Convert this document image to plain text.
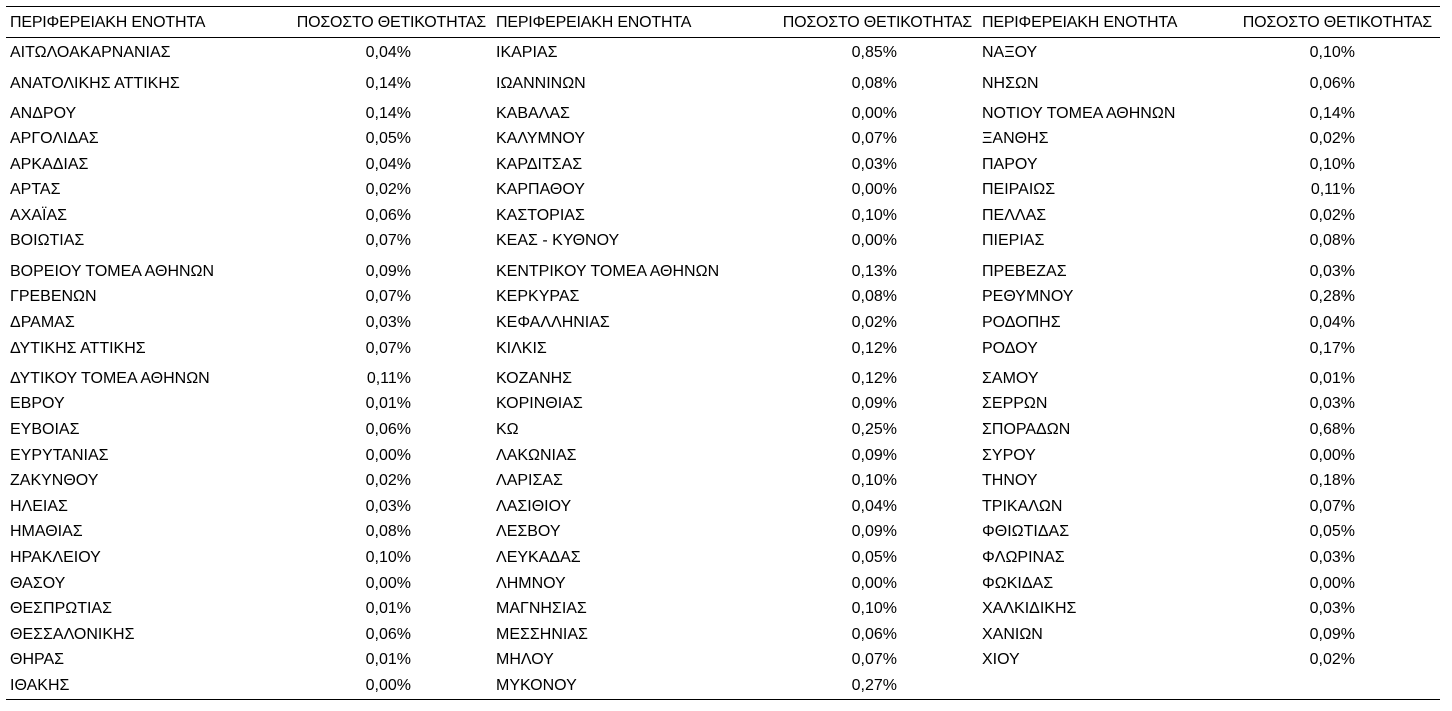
ΠΕΡΙΦΕΡΕΙΑΚΗ ΕΝΟΤΗΤΑ	ΠΟΣΟΣΤΟ ΘΕΤΙΚΟΤΗΤΑΣ
ΑΙΤΩΛΟΑΚΑΡΝΑΝΙΑΣ	0,04%
ΑΝΑΤΟΛΙΚΗΣ ΑΤΤΙΚΗΣ	0,14%
ΑΝΔΡΟΥ	0,14%
ΑΡΓΟΛΙΔΑΣ	0,05%
ΑΡΚΑΔΙΑΣ	0,04%
ΑΡΤΑΣ	0,02%
ΑΧΑΪΑΣ	0,06%
ΒΟΙΩΤΙΑΣ	0,07%
ΒΟΡΕΙΟΥ ΤΟΜΕΑ ΑΘΗΝΩΝ	0,09%
ΓΡΕΒΕΝΩΝ	0,07%
ΔΡΑΜΑΣ	0,03%
ΔΥΤΙΚΗΣ ΑΤΤΙΚΗΣ	0,07%
ΔΥΤΙΚΟΥ ΤΟΜΕΑ ΑΘΗΝΩΝ	0,11%
ΕΒΡΟΥ	0,01%
ΕΥΒΟΙΑΣ	0,06%
ΕΥΡΥΤΑΝΙΑΣ	0,00%
ΖΑΚΥΝΘΟΥ	0,02%
ΗΛΕΙΑΣ	0,03%
ΗΜΑΘΙΑΣ	0,08%
ΗΡΑΚΛΕΙΟΥ	0,10%
ΘΑΣΟΥ	0,00%
ΘΕΣΠΡΩΤΙΑΣ	0,01%
ΘΕΣΣΑΛΟΝΙΚΗΣ	0,06%
ΘΗΡΑΣ	0,01%
ΙΘΑΚΗΣ	0,00%
ΠΕΡΙΦΕΡΕΙΑΚΗ ΕΝΟΤΗΤΑ	ΠΟΣΟΣΤΟ ΘΕΤΙΚΟΤΗΤΑΣ
ΙΚΑΡΙΑΣ	0,85%
ΙΩΑΝΝΙΝΩΝ	0,08%
ΚΑΒΑΛΑΣ	0,00%
ΚΑΛΥΜΝΟΥ	0,07%
ΚΑΡΔΙΤΣΑΣ	0,03%
ΚΑΡΠΑΘΟΥ	0,00%
ΚΑΣΤΟΡΙΑΣ	0,10%
ΚΕΑΣ - ΚΥΘΝΟΥ	0,00%
ΚΕΝΤΡΙΚΟΥ ΤΟΜΕΑ ΑΘΗΝΩΝ	0,13%
ΚΕΡΚΥΡΑΣ	0,08%
ΚΕΦΑΛΛΗΝΙΑΣ	0,02%
ΚΙΛΚΙΣ	0,12%
ΚΟΖΑΝΗΣ	0,12%
ΚΟΡΙΝΘΙΑΣ	0,09%
ΚΩ	0,25%
ΛΑΚΩΝΙΑΣ	0,09%
ΛΑΡΙΣΑΣ	0,10%
ΛΑΣΙΘΙΟΥ	0,04%
ΛΕΣΒΟΥ	0,09%
ΛΕΥΚΑΔΑΣ	0,05%
ΛΗΜΝΟΥ	0,00%
ΜΑΓΝΗΣΙΑΣ	0,10%
ΜΕΣΣΗΝΙΑΣ	0,06%
ΜΗΛΟΥ	0,07%
ΜΥΚΟΝΟΥ	0,27%
ΠΕΡΙΦΕΡΕΙΑΚΗ ΕΝΟΤΗΤΑ	ΠΟΣΟΣΤΟ ΘΕΤΙΚΟΤΗΤΑΣ
ΝΑΞΟΥ	0,10%
ΝΗΣΩΝ	0,06%
ΝΟΤΙΟΥ ΤΟΜΕΑ ΑΘΗΝΩΝ	0,14%
ΞΑΝΘΗΣ	0,02%
ΠΑΡΟΥ	0,10%
ΠΕΙΡΑΙΩΣ	0,11%
ΠΕΛΛΑΣ	0,02%
ΠΙΕΡΙΑΣ	0,08%
ΠΡΕΒΕΖΑΣ	0,03%
ΡΕΘΥΜΝΟΥ	0,28%
ΡΟΔΟΠΗΣ	0,04%
ΡΟΔΟΥ	0,17%
ΣΑΜΟΥ	0,01%
ΣΕΡΡΩΝ	0,03%
ΣΠΟΡΑΔΩΝ	0,68%
ΣΥΡΟΥ	0,00%
ΤΗΝΟΥ	0,18%
ΤΡΙΚΑΛΩΝ	0,07%
ΦΘΙΩΤΙΔΑΣ	0,05%
ΦΛΩΡΙΝΑΣ	0,03%
ΦΩΚΙΔΑΣ	0,00%
ΧΑΛΚΙΔΙΚΗΣ	0,03%
ΧΑΝΙΩΝ	0,09%
ΧΙΟΥ	0,02%
